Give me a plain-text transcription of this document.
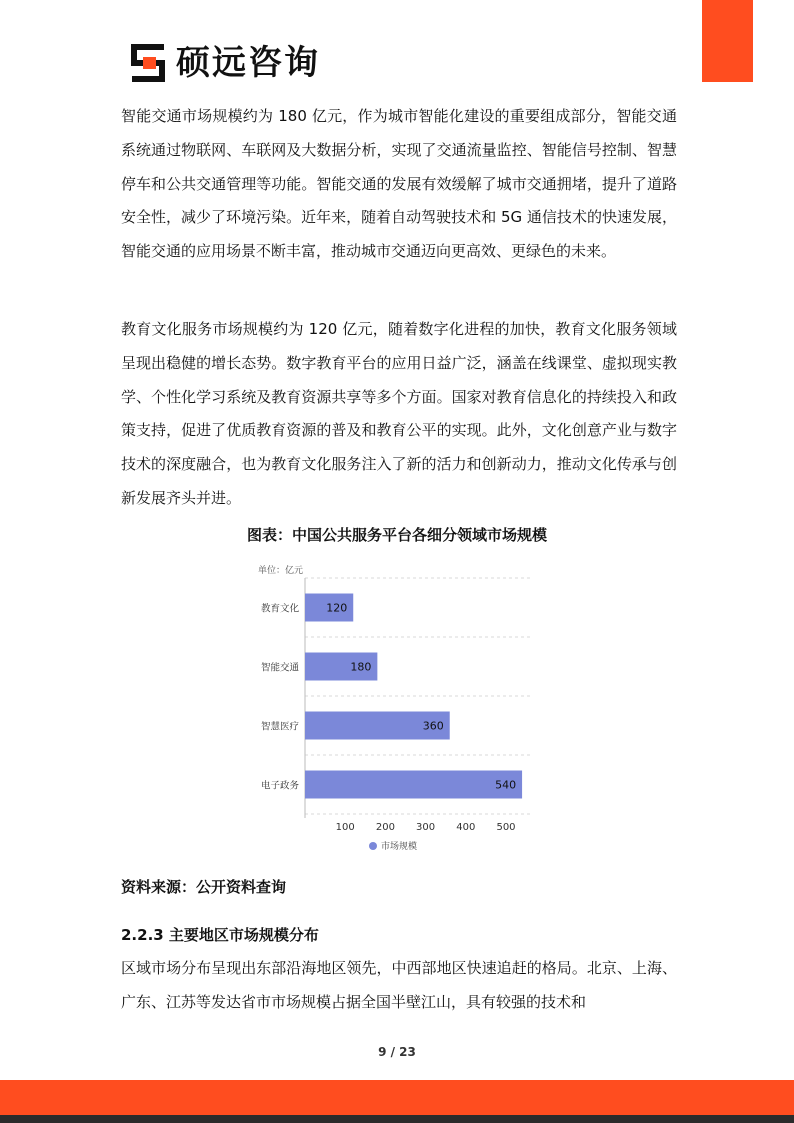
硕远咨询

智能交通市场规模约为 180 亿元，作为城市智能化建设的重要组成部分，智能交通系统通过物联网、车联网及大数据分析，实现了交通流量监控、智能信号控制、智慧停车和公共交通管理等功能。智能交通的发展有效缓解了城市交通拥堵，提升了道路安全性，减少了环境污染。近年来，随着自动驾驶技术和 5G 通信技术的快速发展，智能交通的应用场景不断丰富，推动城市交通迈向更高效、更绿色的未来。

教育文化服务市场规模约为 120 亿元，随着数字化进程的加快，教育文化服务领域呈现出稳健的增长态势。数字教育平台的应用日益广泛，涵盖在线课堂、虚拟现实教学、个性化学习系统及教育资源共享等多个方面。国家对教育信息化的持续投入和政策支持，促进了优质教育资源的普及和教育公平的实现。此外，文化创意产业与数字技术的深度融合，也为教育文化服务注入了新的活力和创新动力，推动文化传承与创新发展齐头并进。

图表：中国公共服务平台各细分领域市场规模
单位：亿元
120
教育文化
180
智能交通
360
智慧医疗
540
电子政务
100 200 300 400 500
市场规模

资料来源：公开资料查询

2.2.3 主要地区市场规模分布

区域市场分布呈现出东部沿海地区领先，中西部地区快速追赶的格局。北京、上海、广东、江苏等发达省市市场规模占据全国半壁江山，具有较强的技术和

9 / 23
